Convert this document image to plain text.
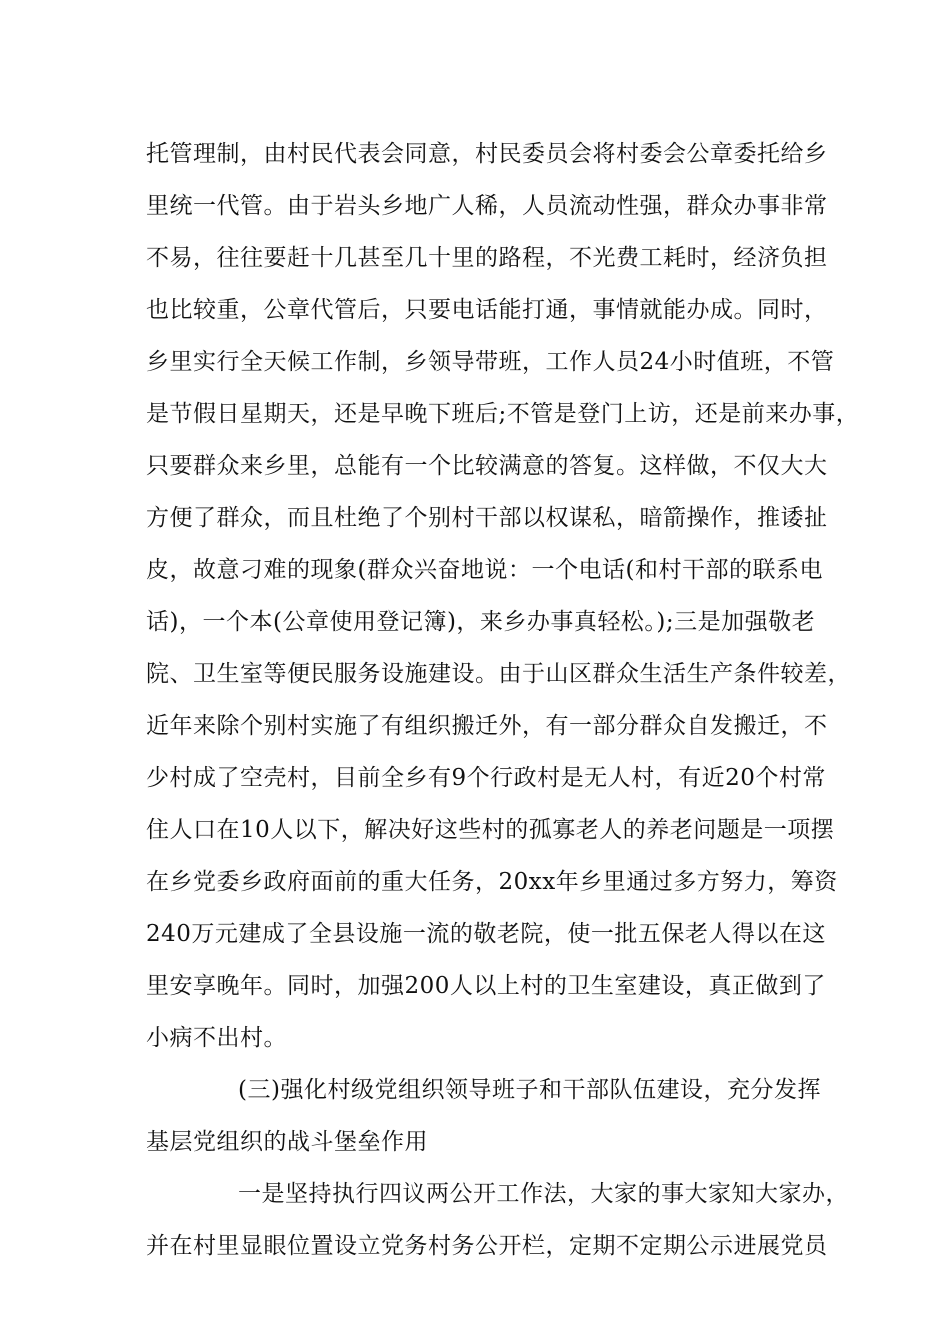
托管理制，由村民代表会同意，村民委员会将村委会公章委托给乡
里统一代管。由于岩头乡地广人稀，人员流动性强，群众办事非常
不易，往往要赶十几甚至几十里的路程，不光费工耗时，经济负担
也比较重，公章代管后，只要电话能打通，事情就能办成。同时，
乡里实行全天候工作制，乡领导带班，工作人员24小时值班，不管
是节假日星期天，还是早晚下班后;不管是登门上访，还是前来办事，
只要群众来乡里，总能有一个比较满意的答复。这样做，不仅大大
方便了群众，而且杜绝了个别村干部以权谋私，暗箭操作，推诿扯
皮，故意刁难的现象(群众兴奋地说：一个电话(和村干部的联系电
话)，一个本(公章使用登记簿)，来乡办事真轻松。);三是加强敬老
院、卫生室等便民服务设施建设。由于山区群众生活生产条件较差，
近年来除个别村实施了有组织搬迁外，有一部分群众自发搬迁，不
少村成了空壳村，目前全乡有9个行政村是无人村，有近20个村常
住人口在10人以下，解决好这些村的孤寡老人的养老问题是一项摆
在乡党委乡政府面前的重大任务，20xx年乡里通过多方努力，筹资
240万元建成了全县设施一流的敬老院，使一批五保老人得以在这
里安享晚年。同时，加强200人以上村的卫生室建设，真正做到了
小病不出村。
(三)强化村级党组织领导班子和干部队伍建设，充分发挥
基层党组织的战斗堡垒作用
一是坚持执行四议两公开工作法，大家的事大家知大家办，
并在村里显眼位置设立党务村务公开栏，定期不定期公示进展党员
